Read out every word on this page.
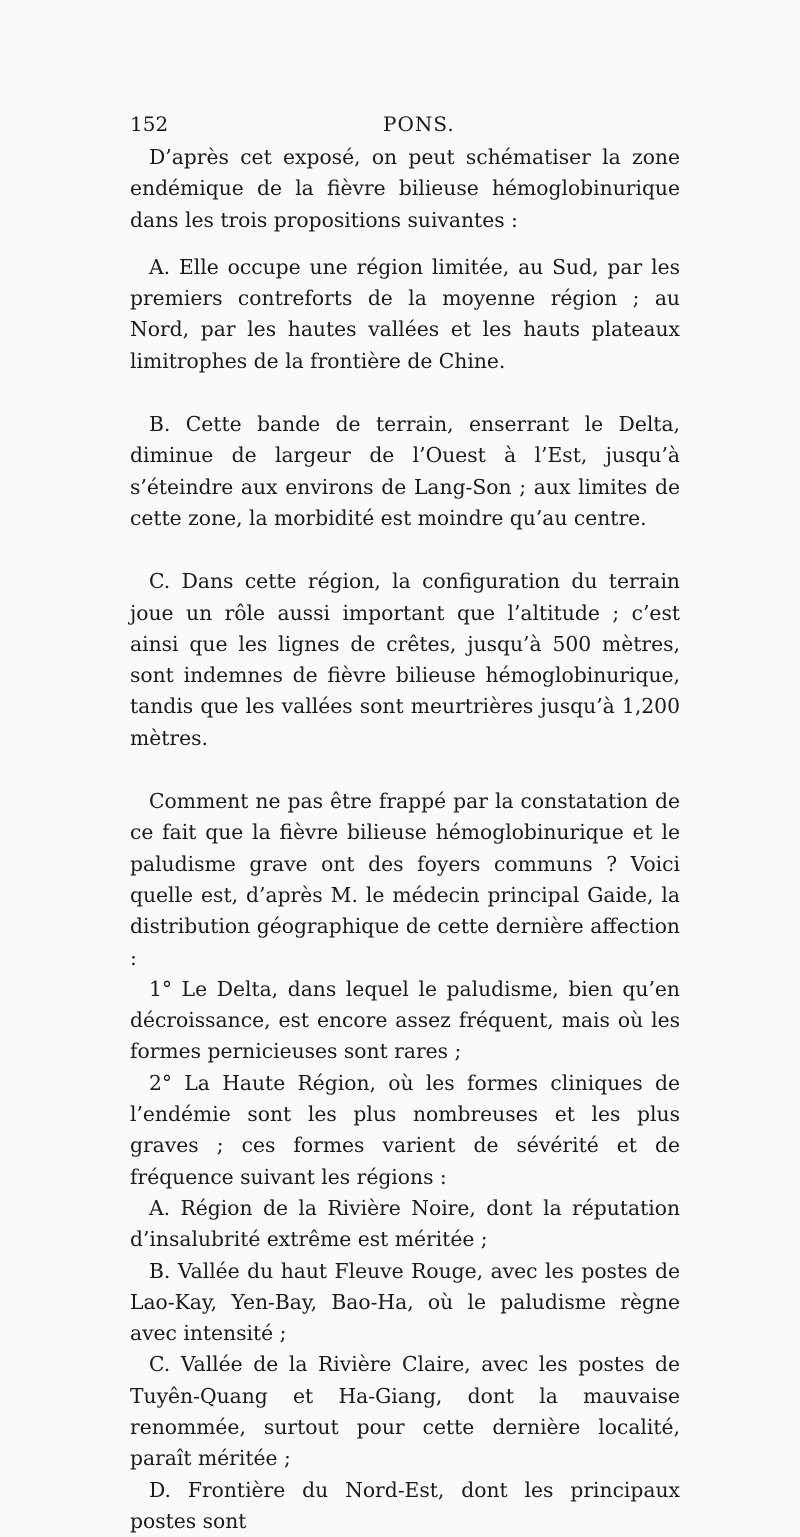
152	PONS.

D’après cet exposé, on peut schématiser la zone endémique de la fièvre bilieuse hémoglobinurique dans les trois propositions suivantes :

A. Elle occupe une région limitée, au Sud, par les premiers contreforts de la moyenne région ; au Nord, par les hautes vallées et les hauts plateaux limitrophes de la frontière de Chine.

B. Cette bande de terrain, enserrant le Delta, diminue de largeur de l’Ouest à l’Est, jusqu’à s’éteindre aux environs de Lang-Son ; aux limites de cette zone, la morbidité est moindre qu’au centre.

C. Dans cette région, la configuration du terrain joue un rôle aussi important que l’altitude ; c’est ainsi que les lignes de crêtes, jusqu’à 500 mètres, sont indemnes de fièvre bilieuse hémoglobinurique, tandis que les vallées sont meurtrières jusqu’à 1,200 mètres.

Comment ne pas être frappé par la constatation de ce fait que la fièvre bilieuse hémoglobinurique et le paludisme grave ont des foyers communs ? Voici quelle est, d’après M. le médecin principal Gaide, la distribution géographique de cette dernière affection :

1° Le Delta, dans lequel le paludisme, bien qu’en décroissance, est encore assez fréquent, mais où les formes pernicieuses sont rares ;

2° La Haute Région, où les formes cliniques de l’endémie sont les plus nombreuses et les plus graves ; ces formes varient de sévérité et de fréquence suivant les régions :

A. Région de la Rivière Noire, dont la réputation d’insalubrité extrême est méritée ;

B. Vallée du haut Fleuve Rouge, avec les postes de Lao-Kay, Yen-Bay, Bao-Ha, où le paludisme règne avec intensité ;

C. Vallée de la Rivière Claire, avec les postes de Tuyên-Quang et Ha-Giang, dont la mauvaise renommée, surtout pour cette dernière localité, paraît méritée ;

D. Frontière du Nord-Est, dont les principaux postes sont
